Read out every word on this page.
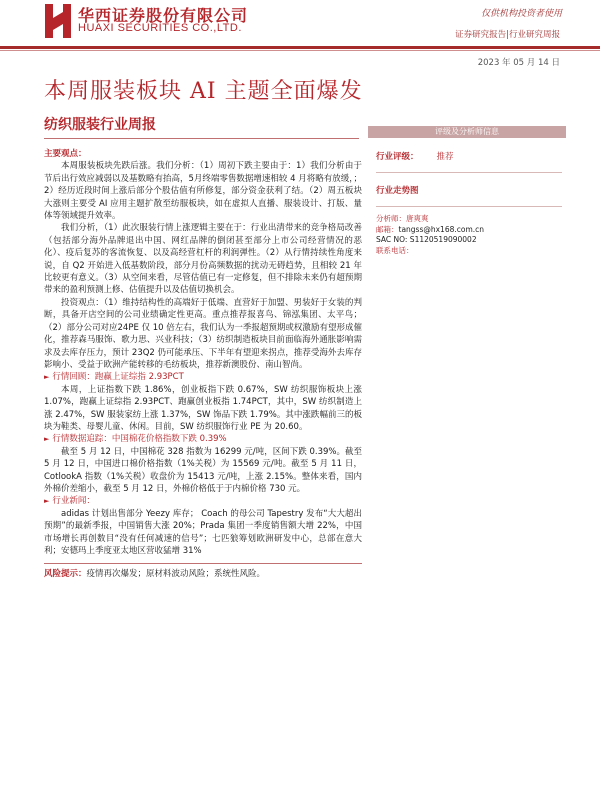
华西证券股份有限公司
HUAXI SECURITIES CO.,LTD.
仅供机构投资者使用
证券研究报告|行业研究周报
2023 年 05 月 14 日
本周服装板块 AI 主题全面爆发
纺织服装行业周报	评级及分析师信息
行业评级： 推荐
行业走势图
分析师：唐爽爽
邮箱：tangss@hx168.com.cn
SAC NO: S1120519090002
联系电话：

主要观点：

本周服装板块先跌后涨。我们分析：（1）周初下跌主要由于：1）我们分析由于节后出行效应减弱以及基数略有抬高，5月终端零售数据增速相较 4 月将略有放缓，；2）经历近段时间上涨后部分个股估值有所修复，部分资金获利了结。（2）周五板块大涨则主要受 AI 应用主题扩散至纺服板块，如在虚拟人直播、服装设计、打版、量体等领域提升效率。

我们分析，（1）此次服装行情上涨逻辑主要在于：行业出清带来的竞争格局改善（包括部分海外品牌退出中国、网红品牌的倒闭甚至部分上市公司经营情况的恶化）、疫后复苏的客流恢复、以及高经营杠杆的利润弹性。（2）从行情持续性角度来说，自 Q2 开始进入低基数阶段，部分月份高频数据的扰动无碍趋势，且相较 21 年比较更有意义。（3）从空间来看，尽管估值已有一定修复，但不排除未来仍有超预期带来的盈利预测上修、估值提升以及估值切换机会。

投资观点：（1）维持结构性的高端好于低端、直营好于加盟、男装好于女装的判断，具备开店空间的公司业绩确定性更高。重点推荐报喜鸟、锦泓集团、太平鸟；（2）部分公司对应24PE 仅 10 倍左右，我们认为一季报超预期或权激励有望形成催化，推荐森马服饰、歌力思、兴业科技；（3）纺织制造板块目前面临海外通胀影响需求及去库存压力，预计 23Q2 仍可能承压、下半年有望迎来拐点，推荐受海外去库存影响小、受益于欧洲产能转移的毛纺板块，推荐新澳股份、南山智尚。

► 行情回顾：跑赢上证综指 2.93PCT

本周，上证指数下跌 1.86%，创业板指下跌 0.67%，SW 纺织服饰板块上涨 1.07%，跑赢上证综指 2.93PCT、跑赢创业板指 1.74PCT，其中，SW 纺织制造上涨 2.47%，SW 服装家纺上涨 1.37%，SW 饰品下跌 1.79%。其中涨跌幅前三的板块为鞋类、母婴儿童、休闲。目前，SW 纺织服饰行业 PE 为 20.60。

► 行情数据追踪：中国棉花价格指数下跌 0.39%

截至 5 月 12 日，中国棉花 328 指数为 16299 元/吨，区间下跌 0.39%。截至 5 月 12 日，中国进口棉价格指数（1%关税）为 15569 元/吨。截至 5 月 11 日，CotlookA 指数（1%关税）收盘价为 15413 元/吨，上涨 2.15%。整体来看，国内外棉价差缩小，截至 5 月 12 日，外棉价格低于于内棉价格 730 元。

► 行业新闻：

adidas 计划出售部分 Yeezy 库存； Coach 的母公司 Tapestry 发布“大大超出预期”的最新季报，中国销售大涨 20%；Prada 集团一季度销售额大增 22%，中国市场增长再创数目“没有任何减速的信号”；七匹狼筹划欧洲研发中心，总部在意大利；安德玛上季度亚太地区营收猛增 31%

风险提示：疫情再次爆发；原材料波动风险；系统性风险。
